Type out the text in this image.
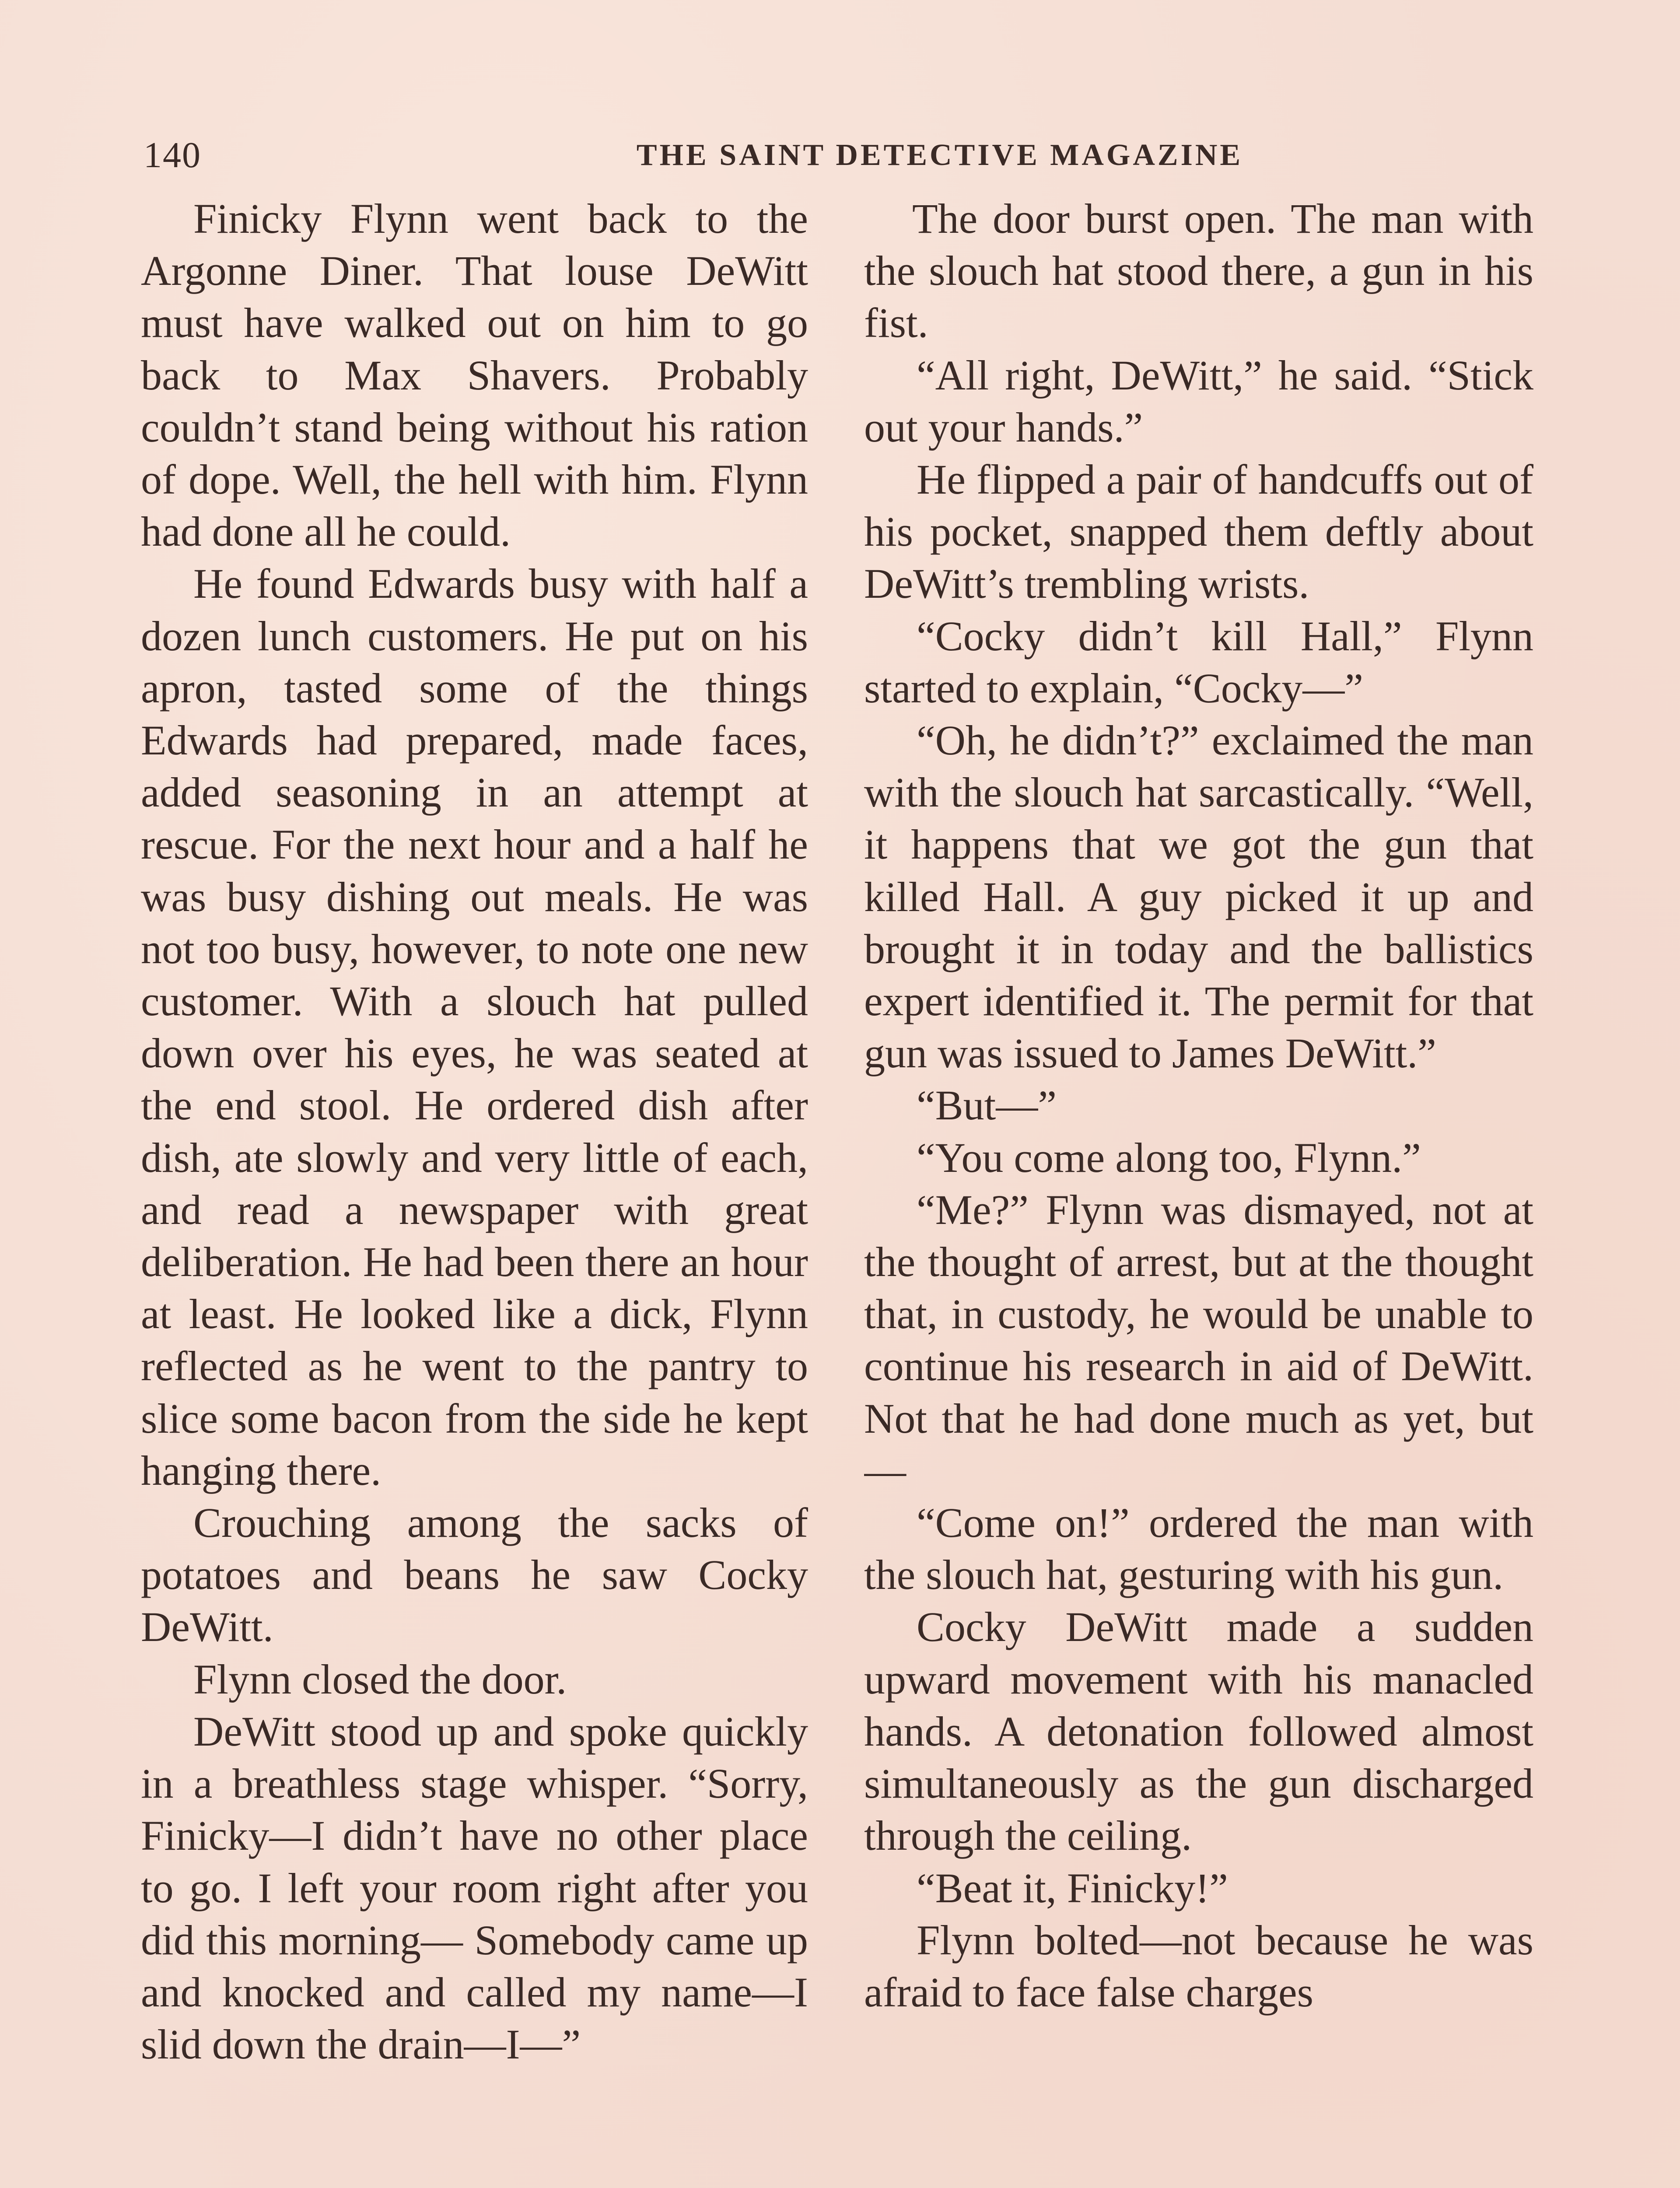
140	THE SAINT DETECTIVE MAGAZINE

Finicky Flynn went back to the Argonne Diner. That louse DeWitt must have walked out on him to go back to Max Shavers. Probably couldn’t stand being without his ration of dope. Well, the hell with him. Flynn had done all he could.

He found Edwards busy with half a dozen lunch customers. He put on his apron, tasted some of the things Edwards had prepared, made faces, added seasoning in an attempt at rescue. For the next hour and a half he was busy dishing out meals. He was not too busy, however, to note one new customer. With a slouch hat pulled down over his eyes, he was seated at the end stool. He ordered dish after dish, ate slowly and very little of each, and read a newspaper with great deliberation. He had been there an hour at least. He looked like a dick, Flynn reflected as he went to the pantry to slice some bacon from the side he kept hanging there.

Crouching among the sacks of potatoes and beans he saw Cocky DeWitt.

Flynn closed the door.

DeWitt stood up and spoke quickly in a breathless stage whisper. “Sorry, Finicky—I didn’t have no other place to go. I left your room right after you did this morning— Somebody came up and knocked and called my name—I slid down the drain—I—”

The door burst open. The man with the slouch hat stood there, a gun in his fist.

“All right, DeWitt,” he said. “Stick out your hands.”

He flipped a pair of handcuffs out of his pocket, snapped them deftly about DeWitt’s trembling wrists.

“Cocky didn’t kill Hall,” Flynn started to explain, “Cocky—”

“Oh, he didn’t?” exclaimed the man with the slouch hat sarcastically. “Well, it happens that we got the gun that killed Hall. A guy picked it up and brought it in today and the ballistics expert identified it. The permit for that gun was issued to James DeWitt.”

“But—”

“You come along too, Flynn.”

“Me?” Flynn was dismayed, not at the thought of arrest, but at the thought that, in custody, he would be unable to continue his research in aid of DeWitt. Not that he had done much as yet, but—

“Come on!” ordered the man with the slouch hat, gesturing with his gun.

Cocky DeWitt made a sudden upward movement with his manacled hands. A detonation followed almost simultaneously as the gun discharged through the ceiling.

“Beat it, Finicky!”

Flynn bolted—not because he was afraid to face false charges
